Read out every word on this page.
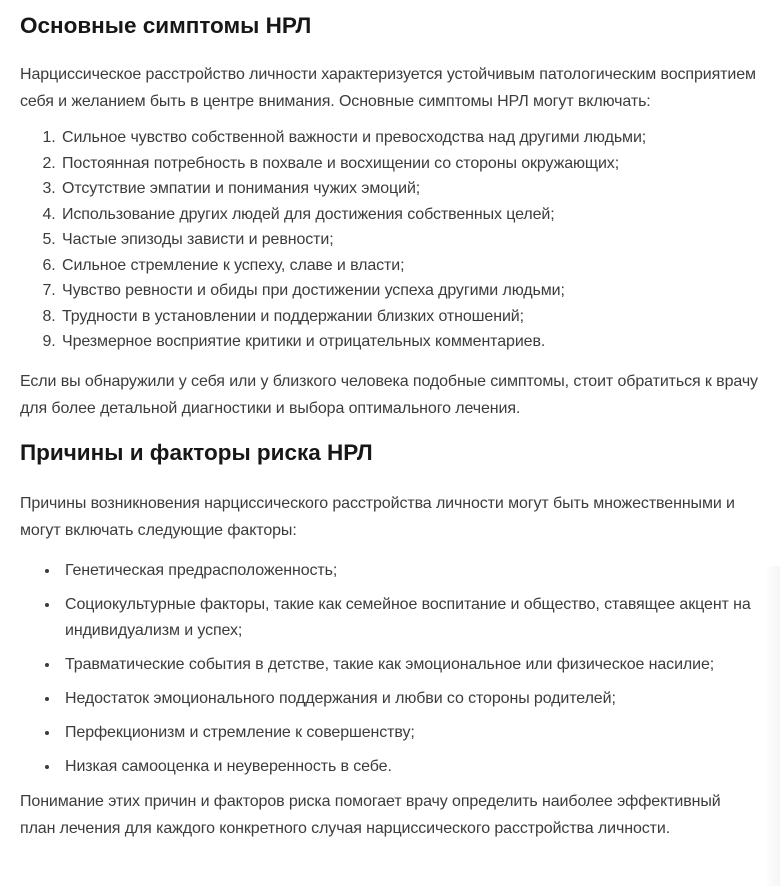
Основные симптомы НРЛ

Нарциссическое расстройство личности характеризуется устойчивым патологическим восприятием себя и желанием быть в центре внимания. Основные симптомы НРЛ могут включать:

1. Сильное чувство собственной важности и превосходства над другими людьми;
2. Постоянная потребность в похвале и восхищении со стороны окружающих;
3. Отсутствие эмпатии и понимания чужих эмоций;
4. Использование других людей для достижения собственных целей;
5. Частые эпизоды зависти и ревности;
6. Сильное стремление к успеху, славе и власти;
7. Чувство ревности и обиды при достижении успеха другими людьми;
8. Трудности в установлении и поддержании близких отношений;
9. Чрезмерное восприятие критики и отрицательных комментариев.

Если вы обнаружили у себя или у близкого человека подобные симптомы, стоит обратиться к врачу для более детальной диагностики и выбора оптимального лечения.

Причины и факторы риска НРЛ

Причины возникновения нарциссического расстройства личности могут быть множественными и могут включать следующие факторы:

• Генетическая предрасположенность;
• Социокультурные факторы, такие как семейное воспитание и общество, ставящее акцент на индивидуализм и успех;
• Травматические события в детстве, такие как эмоциональное или физическое насилие;
• Недостаток эмоционального поддержания и любви со стороны родителей;
• Перфекционизм и стремление к совершенству;
• Низкая самооценка и неуверенность в себе.

Понимание этих причин и факторов риска помогает врачу определить наиболее эффективный план лечения для каждого конкретного случая нарциссического расстройства личности.
